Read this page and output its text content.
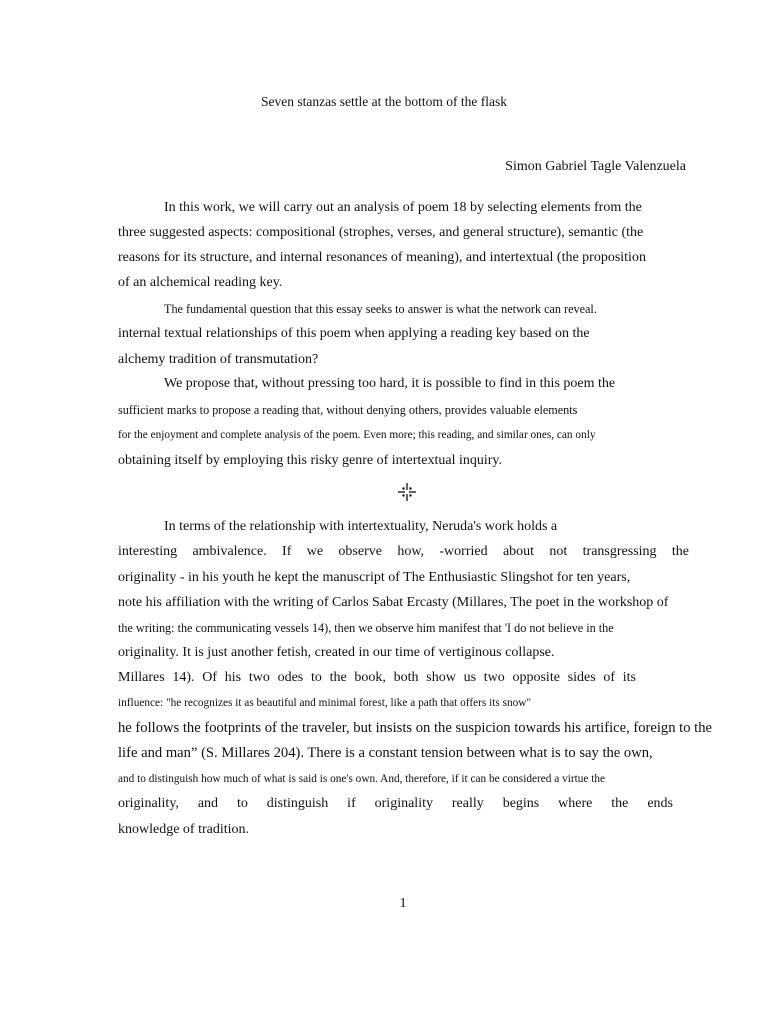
Seven stanzas settle at the bottom of the flask

Simon Gabriel Tagle Valenzuela

In this work, we will carry out an analysis of poem 18 by selecting elements from the

three suggested aspects: compositional (strophes, verses, and general structure), semantic (the

reasons for its structure, and internal resonances of meaning), and intertextual (the proposition

of an alchemical reading key.

The fundamental question that this essay seeks to answer is what the network can reveal.

internal textual relationships of this poem when applying a reading key based on the

alchemy tradition of transmutation?

We propose that, without pressing too hard, it is possible to find in this poem the

sufficient marks to propose a reading that, without denying others, provides valuable elements

for the enjoyment and complete analysis of the poem. Even more; this reading, and similar ones, can only

obtaining itself by employing this risky genre of intertextual inquiry.

In terms of the relationship with intertextuality, Neruda's work holds a

interesting ambivalence. If we observe how, -worried about not transgressing the

originality - in his youth he kept the manuscript of The Enthusiastic Slingshot for ten years,

note his affiliation with the writing of Carlos Sabat Ercasty (Millares, The poet in the workshop of

the writing: the communicating vessels 14), then we observe him manifest that 'I do not believe in the

originality. It is just another fetish, created in our time of vertiginous collapse.

Millares 14). Of his two odes to the book, both show us two opposite sides of its

influence: "he recognizes it as beautiful and minimal forest, like a path that offers its snow"

he follows the footprints of the traveler, but insists on the suspicion towards his artifice, foreign to the

life and man” (S. Millares 204). There is a constant tension between what is to say the own,

and to distinguish how much of what is said is one's own. And, therefore, if it can be considered a virtue the

originality, and to distinguish if originality really begins where the ends

knowledge of tradition.

1
